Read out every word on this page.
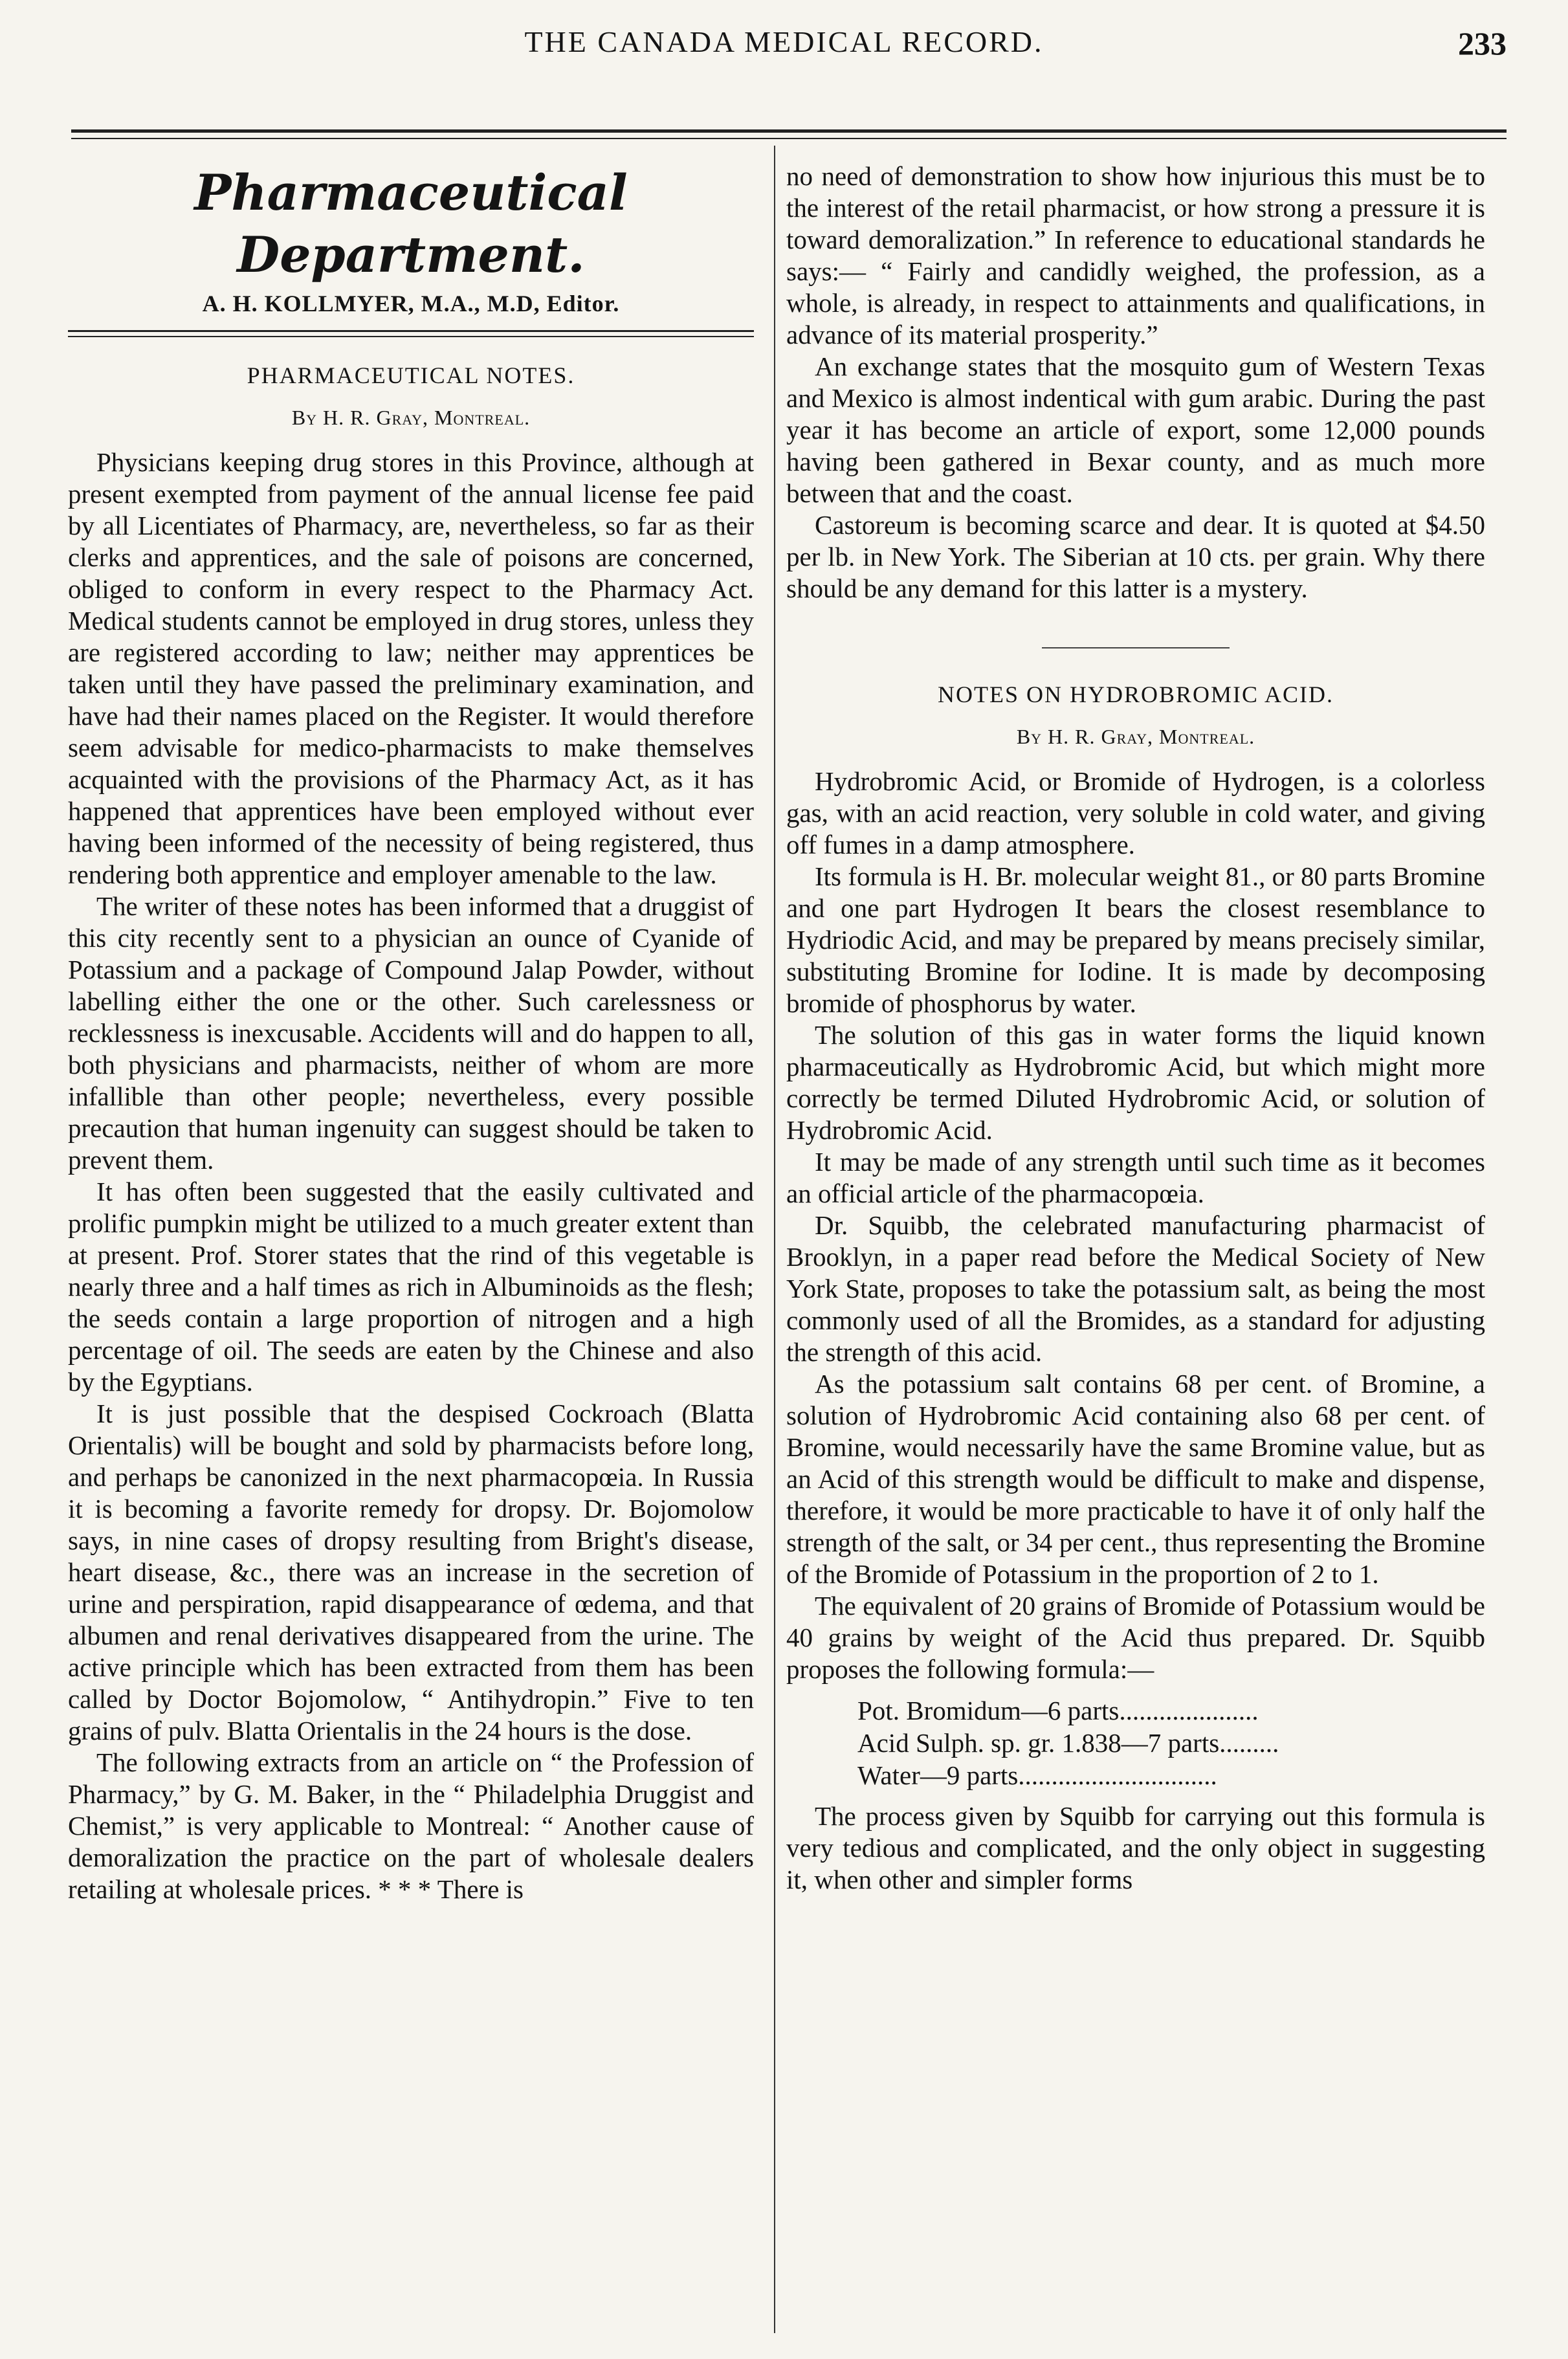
THE CANADA MEDICAL RECORD.	233
Pharmaceutical Department.
A. H. KOLLMYER, M.A., M.D, Editor.
PHARMACEUTICAL NOTES.
By H. R. Gray, Montreal.

Physicians keeping drug stores in this Province, although at present exempted from payment of the annual license fee paid by all Licentiates of Pharmacy, are, nevertheless, so far as their clerks and apprentices, and the sale of poisons are concerned, obliged to conform in every respect to the Pharmacy Act. Medical students cannot be employed in drug stores, unless they are registered according to law; neither may apprentices be taken until they have passed the preliminary examination, and have had their names placed on the Register. It would therefore seem advisable for medico-pharmacists to make themselves acquainted with the provisions of the Pharmacy Act, as it has happened that apprentices have been employed without ever having been informed of the necessity of being registered, thus rendering both apprentice and employer amenable to the law.

The writer of these notes has been informed that a druggist of this city recently sent to a physician an ounce of Cyanide of Potassium and a package of Compound Jalap Powder, without labelling either the one or the other. Such carelessness or recklessness is inexcusable. Accidents will and do happen to all, both physicians and pharmacists, neither of whom are more infallible than other people; nevertheless, every possible precaution that human ingenuity can suggest should be taken to prevent them.

It has often been suggested that the easily cultivated and prolific pumpkin might be utilized to a much greater extent than at present. Prof. Storer states that the rind of this vegetable is nearly three and a half times as rich in Albuminoids as the flesh; the seeds contain a large proportion of nitrogen and a high percentage of oil. The seeds are eaten by the Chinese and also by the Egyptians.

It is just possible that the despised Cockroach (Blatta Orientalis) will be bought and sold by pharmacists before long, and perhaps be canonized in the next pharmacopœia. In Russia it is becoming a favorite remedy for dropsy. Dr. Bojomolow says, in nine cases of dropsy resulting from Bright's disease, heart disease, &c., there was an increase in the secretion of urine and perspiration, rapid disappearance of œdema, and that albumen and renal derivatives disappeared from the urine. The active principle which has been extracted from them has been called by Doctor Bojomolow, “ Antihydropin.” Five to ten grains of pulv. Blatta Orientalis in the 24 hours is the dose.

The following extracts from an article on “ the Profession of Pharmacy,” by G. M. Baker, in the “ Philadelphia Druggist and Chemist,” is very applicable to Montreal: “ Another cause of demoralization the practice on the part of wholesale dealers retailing at wholesale prices. * * * There is

no need of demonstration to show how injurious this must be to the interest of the retail pharmacist, or how strong a pressure it is toward demoralization.” In reference to educational standards he says:— “ Fairly and candidly weighed, the profession, as a whole, is already, in respect to attainments and qualifications, in advance of its material prosperity.”

An exchange states that the mosquito gum of Western Texas and Mexico is almost indentical with gum arabic. During the past year it has become an article of export, some 12,000 pounds having been gathered in Bexar county, and as much more between that and the coast.

Castoreum is becoming scarce and dear. It is quoted at $4.50 per lb. in New York. The Siberian at 10 cts. per grain. Why there should be any demand for this latter is a mystery.

NOTES ON HYDROBROMIC ACID.
By H. R. Gray, Montreal.

Hydrobromic Acid, or Bromide of Hydrogen, is a colorless gas, with an acid reaction, very soluble in cold water, and giving off fumes in a damp atmosphere.

Its formula is H. Br. molecular weight 81., or 80 parts Bromine and one part Hydrogen It bears the closest resemblance to Hydriodic Acid, and may be prepared by means precisely similar, substituting Bromine for Iodine. It is made by decomposing bromide of phosphorus by water.

The solution of this gas in water forms the liquid known pharmaceutically as Hydrobromic Acid, but which might more correctly be termed Diluted Hydrobromic Acid, or solution of Hydrobromic Acid.

It may be made of any strength until such time as it becomes an official article of the pharmacopœia.

Dr. Squibb, the celebrated manufacturing pharmacist of Brooklyn, in a paper read before the Medical Society of New York State, proposes to take the potassium salt, as being the most commonly used of all the Bromides, as a standard for adjusting the strength of this acid.

As the potassium salt contains 68 per cent. of Bromine, a solution of Hydrobromic Acid containing also 68 per cent. of Bromine, would necessarily have the same Bromine value, but as an Acid of this strength would be difficult to make and dispense, therefore, it would be more practicable to have it of only half the strength of the salt, or 34 per cent., thus representing the Bromine of the Bromide of Potassium in the proportion of 2 to 1.

The equivalent of 20 grains of Bromide of Potassium would be 40 grains by weight of the Acid thus prepared. Dr. Squibb proposes the following formula:—

Pot. Bromidum—6 parts.....................
Acid Sulph. sp. gr. 1.838—7 parts.........
Water—9 parts..............................

The process given by Squibb for carrying out this formula is very tedious and complicated, and the only object in suggesting it, when other and simpler forms
